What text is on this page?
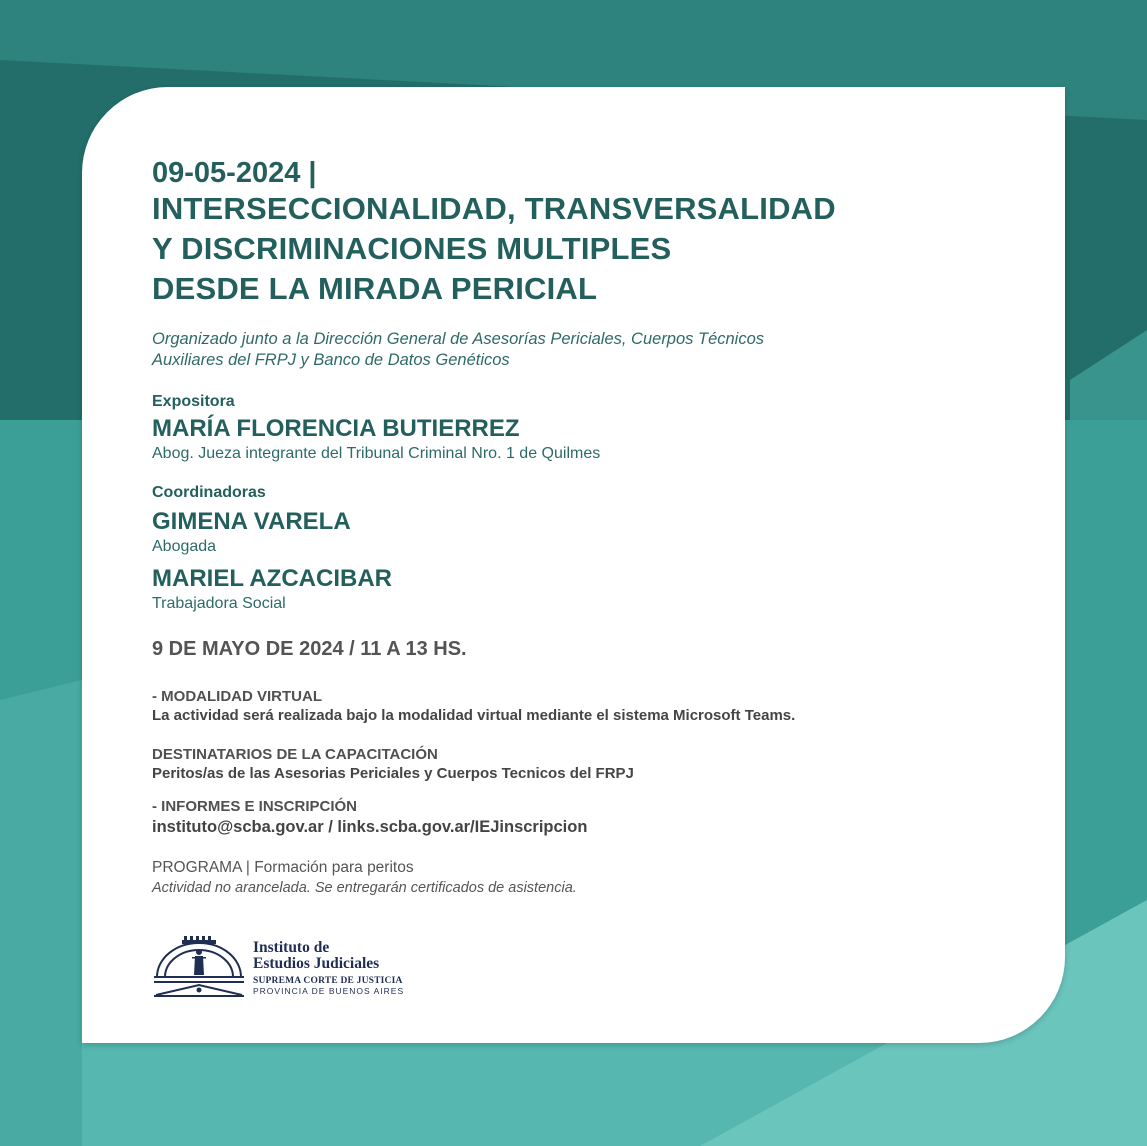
09-05-2024 |

INTERSECCIONALIDAD, TRANSVERSALIDAD
Y DISCRIMINACIONES MULTIPLES
DESDE LA MIRADA PERICIAL
Organizado junto a la Dirección General de Asesorías Periciales, Cuerpos Técnicos
Auxiliares del FRPJ y Banco de Datos Genéticos
Expositora
MARÍA FLORENCIA BUTIERREZ
Abog. Jueza integrante del Tribunal Criminal Nro. 1 de Quilmes
Coordinadoras
GIMENA VARELA
Abogada
MARIEL AZCACIBAR
Trabajadora Social
9 DE MAYO DE 2024 / 11 A 13 HS.
- MODALIDAD VIRTUAL
La actividad será realizada bajo la modalidad virtual mediante el sistema Microsoft Teams.
DESTINATARIOS DE LA CAPACITACIÓN
Peritos/as de las Asesorias Periciales y Cuerpos Tecnicos del FRPJ
- INFORMES E INSCRIPCIÓN
instituto@scba.gov.ar / links.scba.gov.ar/IEJinscripcion
PROGRAMA | Formación para peritos
Actividad no arancelada. Se entregarán certificados de asistencia.
Instituto de
Estudios Judiciales
SUPREMA CORTE DE JUSTICIA
PROVINCIA DE BUENOS AIRES
